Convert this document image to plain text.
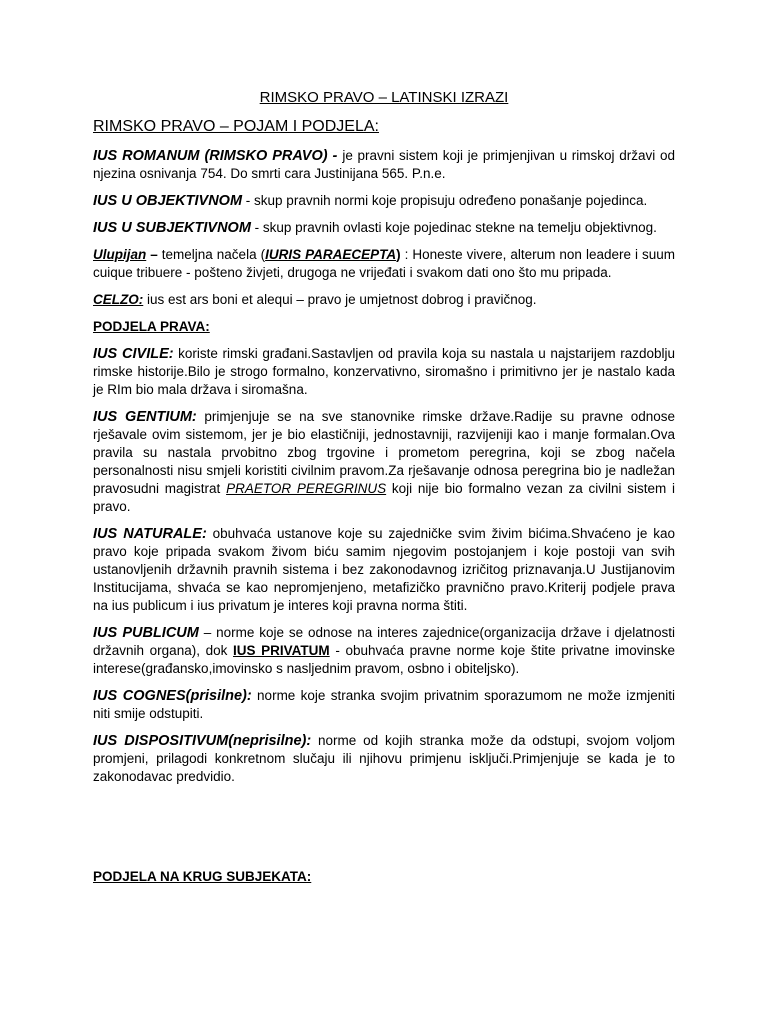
RIMSKO PRAVO – LATINSKI IZRAZI
RIMSKO PRAVO – POJAM I PODJELA:
IUS ROMANUM (RIMSKO PRAVO) - je pravni sistem koji je primjenjivan u rimskoj državi od njezina osnivanja 754. Do smrti cara Justinijana 565. P.n.e.
IUS U OBJEKTIVNOM - skup pravnih normi koje propisuju određeno ponašanje pojedinca.
IUS U SUBJEKTIVNOM - skup pravnih ovlasti koje pojedinac stekne na temelju objektivnog.
Ulupijan – temeljna načela (IURIS PARAECEPTA) : Honeste vivere, alterum non leadere i suum cuique tribuere - pošteno živjeti, drugoga ne vrijeđati i svakom dati ono što mu pripada.
CELZO: ius est ars boni et alequi – pravo je umjetnost dobrog i pravičnog.
PODJELA PRAVA:
IUS CIVILE: koriste rimski građani.Sastavljen od pravila koja su nastala u najstarijem razdoblju rimske historije.Bilo je strogo formalno, konzervativno, siromašno i primitivno jer je nastalo kada je RIm bio mala država i siromašna.
IUS GENTIUM: primjenjuje se na sve stanovnike rimske države.Radije su pravne odnose rješavale ovim sistemom, jer je bio elastičniji, jednostavniji, razvijeniji kao i manje formalan.Ova pravila su nastala prvobitno zbog trgovine i prometom peregrina, koji se zbog načela personalnosti nisu smjeli koristiti civilnim pravom.Za rješavanje odnosa peregrina bio je nadležan pravosudni magistrat PRAETOR PEREGRINUS koji nije bio formalno vezan za civilni sistem i pravo.
IUS NATURALE: obuhvaća ustanove koje su zajedničke svim živim bićima.Shvaćeno je kao pravo koje pripada svakom živom biću samim njegovim postojanjem i koje postoji van svih ustanovljenih državnih pravnih sistema i bez zakonodavnog izričitog priznavanja.U Justijanovim Institucijama, shvaća se kao nepromjenjeno, metafizičko pravnično pravo.Kriterij podjele prava na ius publicum i ius privatum je interes koji pravna norma štiti.
IUS PUBLICUM – norme koje se odnose na interes zajednice(organizacija države i djelatnosti državnih organa), dok IUS PRIVATUM - obuhvaća pravne norme koje štite privatne imovinske interese(građansko,imovinsko s nasljednim pravom, osbno i obiteljsko).
IUS COGNES(prisilne): norme koje stranka svojim privatnim sporazumom ne može izmjeniti niti smije odstupiti.
IUS DISPOSITIVUM(neprisilne): norme od kojih stranka može da odstupi, svojom voljom promjeni, prilagodi konkretnom slučaju ili njihovu primjenu isključi.Primjenjuje se kada je to zakonodavac predvidio.
PODJELA NA KRUG SUBJEKATA:
